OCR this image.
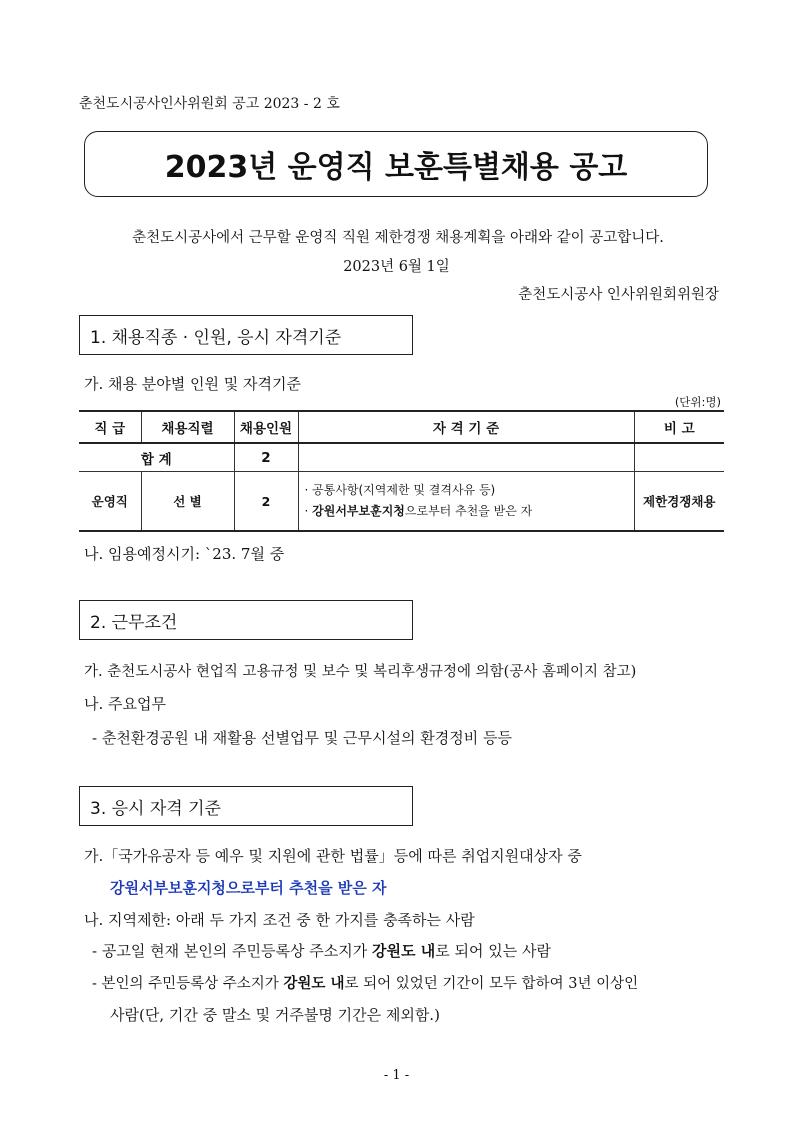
춘천도시공사인사위원회 공고 2023 - 2 호
2023년 운영직 보훈특별채용 공고
춘천도시공사에서 근무할 운영직 직원 제한경쟁 채용계획을 아래와 같이 공고합니다.
2023년 6월 1일
춘천도시공사 인사위원회위원장
1. 채용직종 · 인원, 응시 자격기준
가. 채용 분야별 인원 및 자격기준
(단위:명)
직 급	채용직렬	채용인원	자 격 기 준	비 고
합 계		2		
운영직	선 별	2	· 공통사항(지역제한 및 결격사유 등)
· 강원서부보훈지청으로부터 추천을 받은 자	제한경쟁채용
나. 임용예정시기: `23. 7월 중
2. 근무조건
가. 춘천도시공사 현업직 고용규정 및 보수 및 복리후생규정에 의함(공사 홈페이지 참고)
나. 주요업무
- 춘천환경공원 내 재활용 선별업무 및 근무시설의 환경정비 등등
3. 응시 자격 기준
가.「국가유공자 등 예우 및 지원에 관한 법률」등에 따른 취업지원대상자 중
강원서부보훈지청으로부터 추천을 받은 자
나. 지역제한: 아래 두 가지 조건 중 한 가지를 충족하는 사람
- 공고일 현재 본인의 주민등록상 주소지가 강원도 내로 되어 있는 사람
- 본인의 주민등록상 주소지가 강원도 내로 되어 있었던 기간이 모두 합하여 3년 이상인
사람(단, 기간 중 말소 및 거주불명 기간은 제외함.)
- 1 -
